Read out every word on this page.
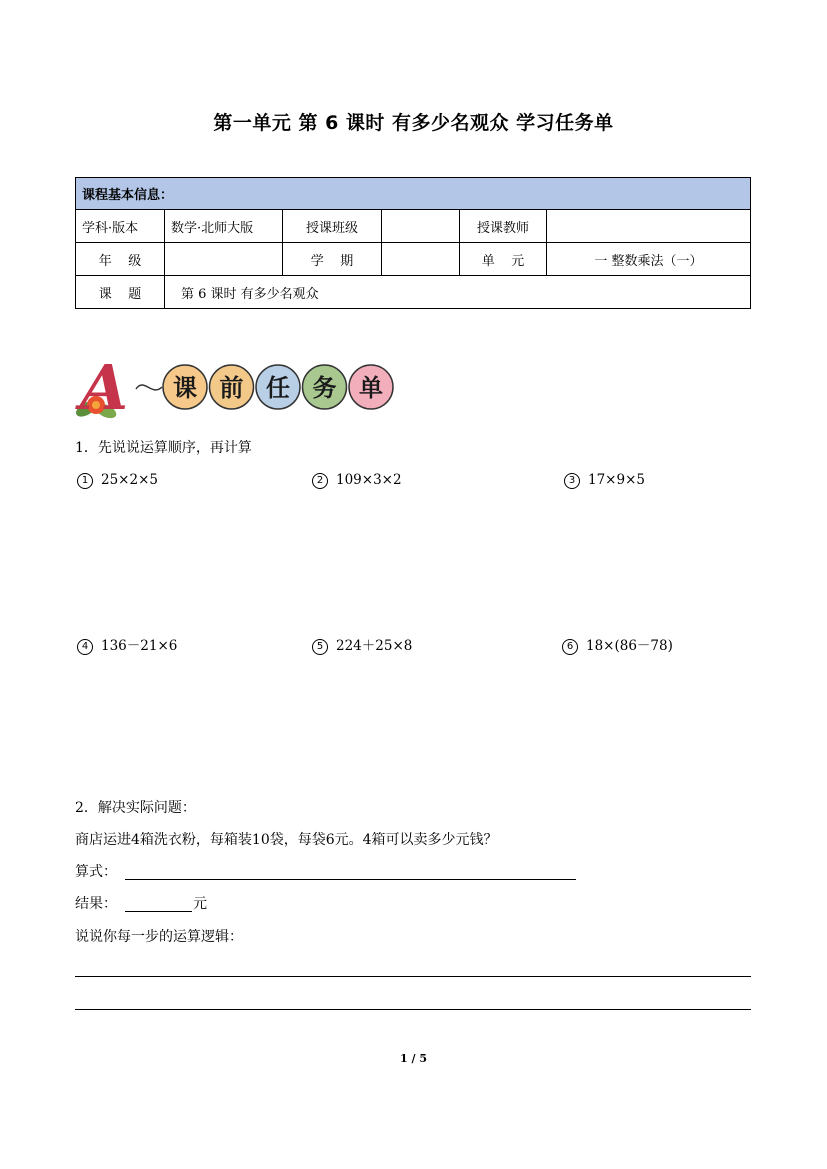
第一单元 第 6 课时 有多少名观众 学习任务单
课程基本信息：					
学科·版本	数学·北师大版	授课班级		授课教师	
年    级		学    期		单    元	一 整数乘法（一）
课    题	第 6 课时 有多少名观众				
A 课 前 任 务 单
1．先说说运算顺序，再计算
1 25×2×5	2 109×3×2	3 17×9×5
4 136－21×6	5 224＋25×8	6 18×(86－78)
2．解决实际问题：
商店运进4箱洗衣粉，每箱装10袋，每袋6元。4箱可以卖多少元钱？
算式：
结果：	元
说说你每一步的运算逻辑：
1 / 5
